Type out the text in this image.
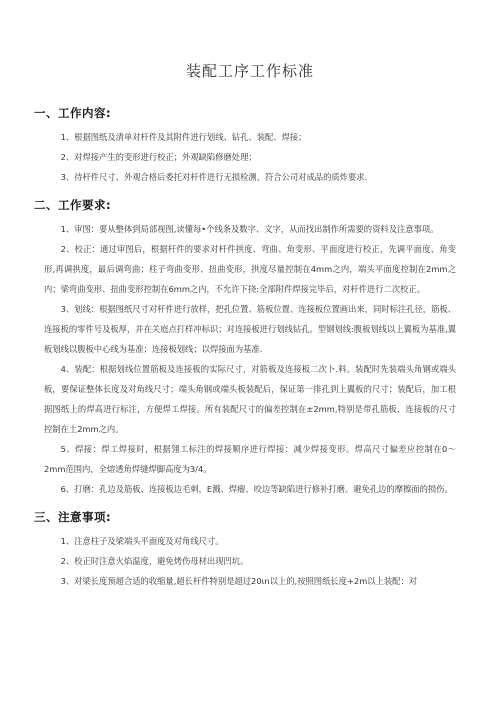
装配工序工作标准
一、工作内容:

1、根据图纸及清单对杆件及其附件进行划线、钻孔、装配、焊接；

2、对焊接产生的变形进行校正；外观缺陷修磨处理；

3、待杆件尺寸、外观合格后委托对杆件进行无损检测，符合公司对成品的质炸要求.

二、工作要求:

1、审图：要从整体到局部视图,读懂每•个线条及数字、文字，从而找出制作所需要的资料及注意事项。

2、校正：通过审图后，根据杆件的要求对杆件拱度、弯曲、角变形、平面度进行校正，先调平面度、角变形,再调拱度，最后调弯曲；柱子弯曲变形、扭曲变形，拱度尽量控制在4mm之内，端头平面度控制在2mm之内；梁弯曲变形、扭曲变形控制在6mm之内，不允许下挠:全部附件焊接完毕后，对杆件进行二次校正。

3、划线：根据图纸尺寸对杆件进行放样，把孔位置、筋板位置、连接板位置画出来，同时标注孔径，筋板、连接板的零件号及板厚，并在关庭点打样冲标识；对连接板进行划线钻孔。型钢划线:腹板划线以上翼板为基准,翼板划线以腹板中心线为基准；连接板划线；以焊接面为基准.

4、装配：根据划线位置筋板及连接板的实际尺寸，对筋板及连接板二次卜.料。装配时先装端头角钢或端头板，要保证整体长度及对角线尺寸；端头角钢或端头板装配后，保证第一排孔到上翼板的尺寸；装配后，加工根据图纸上的焊高进行标注，方便焊工焊接。所有装配尺寸的偏差控制在±2mm,特别是带孔筋板、连接板的尺寸控制在土2mm之内。

5、焊接：焊工焊接时，根据翎工标注的焊接顺序进行焊接：减少焊接变形。焊高尺寸偏差应控制在0～2mm范围内，全熔透角焊缝焊脚高度为3/4。

6、打磨：孔边及筋板、连接板边毛刺，E溅、焊瘤、咬边等缺陷进行修补打磨。避免孔边的摩擦面的损伤。

三、注意事项:

1、注意柱子及梁端头平面度及对角线尺寸。

2、校正时注意火焰温度，避免烤伤母材出现凹坑。

3、对梁长度预超合适的收缩量,超长杆件特别是超过20ιn以上的,按照图纸长度+2m以上装配：对
